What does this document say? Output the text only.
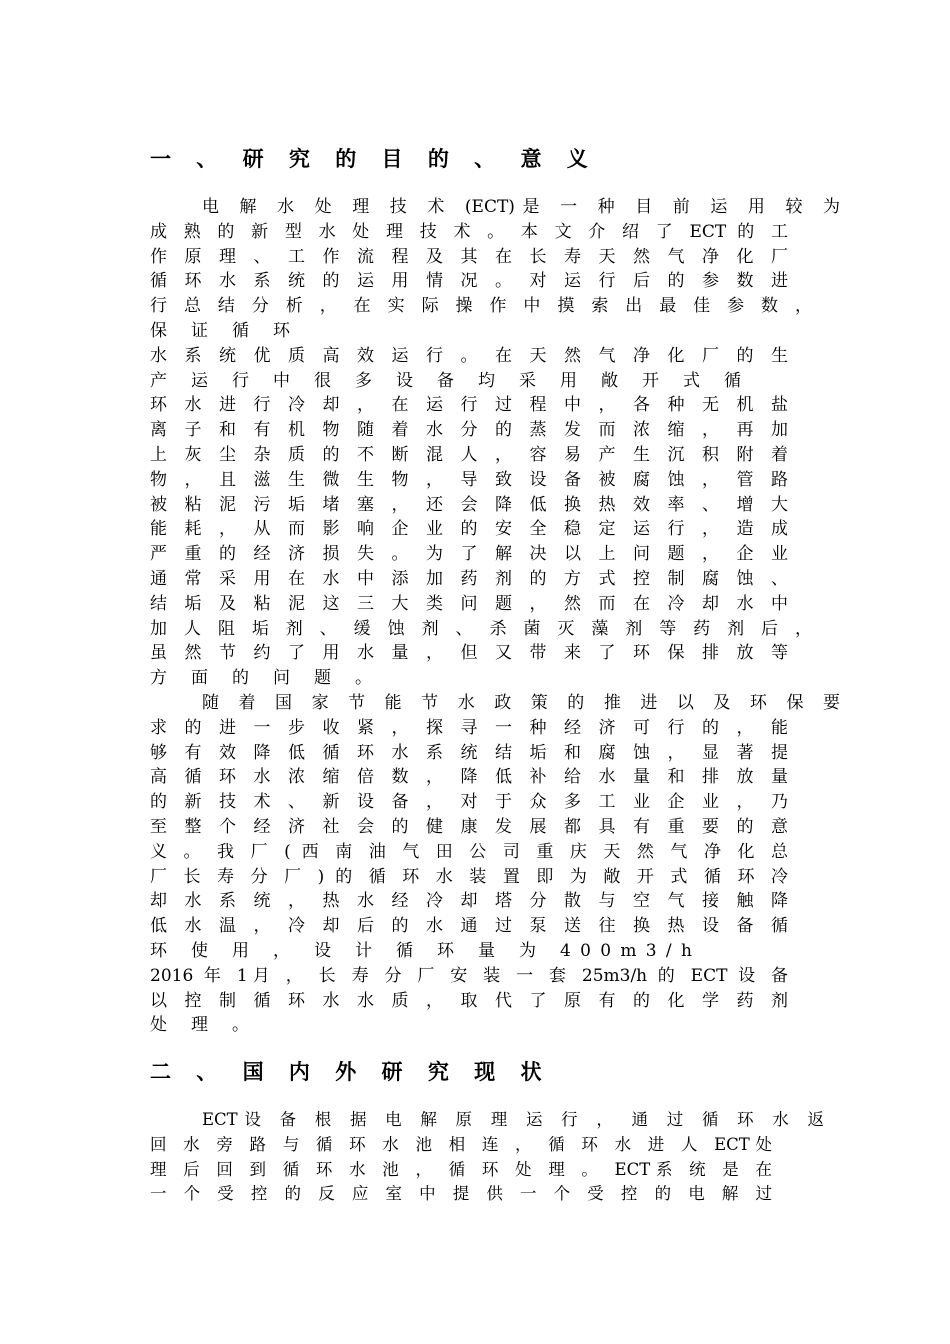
一 、 研 究 的 目 的 、 意 义
电 解 水 处 理 技 术 (ECT)是 一 种 目 前 运 用 较 为
成 熟 的 新 型 水 处 理 技 术 。 本 文 介 绍 了 ECT 的 工
作 原 理 、 工 作 流 程 及 其 在 长 寿 天 然 气 净 化 厂
循 环 水 系 统 的 运 用 情 况 。 对 运 行 后 的 参 数 进
行 总 结 分 析 ， 在 实 际 操 作 中 摸 索 出 最 佳 参 数 ，
保 证 循 环
水 系 统 优 质 高 效 运 行 。 在 天 然 气 净 化 厂 的 生
产 运 行 中 很 多 设 备 均 采 用 敞 开 式 循
环 水 进 行 冷 却 ， 在 运 行 过 程 中 ， 各 种 无 机 盐
离 子 和 有 机 物 随 着 水 分 的 蒸 发 而 浓 缩 ， 再 加
上 灰 尘 杂 质 的 不 断 混 人 ， 容 易 产 生 沉 积 附 着
物 ， 且 滋 生 微 生 物 ， 导 致 设 备 被 腐 蚀 ， 管 路
被 粘 泥 污 垢 堵 塞 ， 还 会 降 低 换 热 效 率 、 增 大
能 耗 ， 从 而 影 响 企 业 的 安 全 稳 定 运 行 ， 造 成
严 重 的 经 济 损 失 。 为 了 解 决 以 上 问 题 ， 企 业
通 常 采 用 在 水 中 添 加 药 剂 的 方 式 控 制 腐 蚀 、
结 垢 及 粘 泥 这 三 大 类 问 题 ， 然 而 在 冷 却 水 中
加 人 阻 垢 剂 、 缓 蚀 剂 、 杀 菌 灭 藻 剂 等 药 剂 后 ，
虽 然 节 约 了 用 水 量 ， 但 又 带 来 了 环 保 排 放 等
方 面 的 问 题 。
随 着 国 家 节 能 节 水 政 策 的 推 进 以 及 环 保 要
求 的 进 一 步 收 紧 ， 探 寻 一 种 经 济 可 行 的 ， 能
够 有 效 降 低 循 环 水 系 统 结 垢 和 腐 蚀 ， 显 著 提
高 循 环 水 浓 缩 倍 数 ， 降 低 补 给 水 量 和 排 放 量
的 新 技 术 、 新 设 备 ， 对 于 众 多 工 业 企 业 ， 乃
至 整 个 经 济 社 会 的 健 康 发 展 都 具 有 重 要 的 意
义 。 我 厂 ( 西 南 油 气 田 公 司 重 庆 天 然 气 净 化 总
厂 长 寿 分 厂 ) 的 循 环 水 装 置 即 为 敞 开 式 循 环 冷
却 水 系 统 ， 热 水 经 冷 却 塔 分 散 与 空 气 接 触 降
低 水 温 ， 冷 却 后 的 水 通 过 泵 送 往 换 热 设 备 循
环 使 用 ， 设 计 循 环 量 为 400m3/h
2016 年 1月 ， 长 寿 分 厂 安 装 一 套 25m3/h 的 ECT 设 备
以 控 制 循 环 水 水 质 ， 取 代 了 原 有 的 化 学 药 剂
处 理 。
二 、 国 内 外 研 究 现 状
ECT设 备 根 据 电 解 原 理 运 行 ， 通 过 循 环 水 返
回 水 旁 路 与 循 环 水 池 相 连 ， 循 环 水 进 人 ECT处
理 后 回 到 循 环 水 池 ， 循 环 处 理 。 ECT系 统 是 在
一 个 受 控 的 反 应 室 中 提 供 一 个 受 控 的 电 解 过
